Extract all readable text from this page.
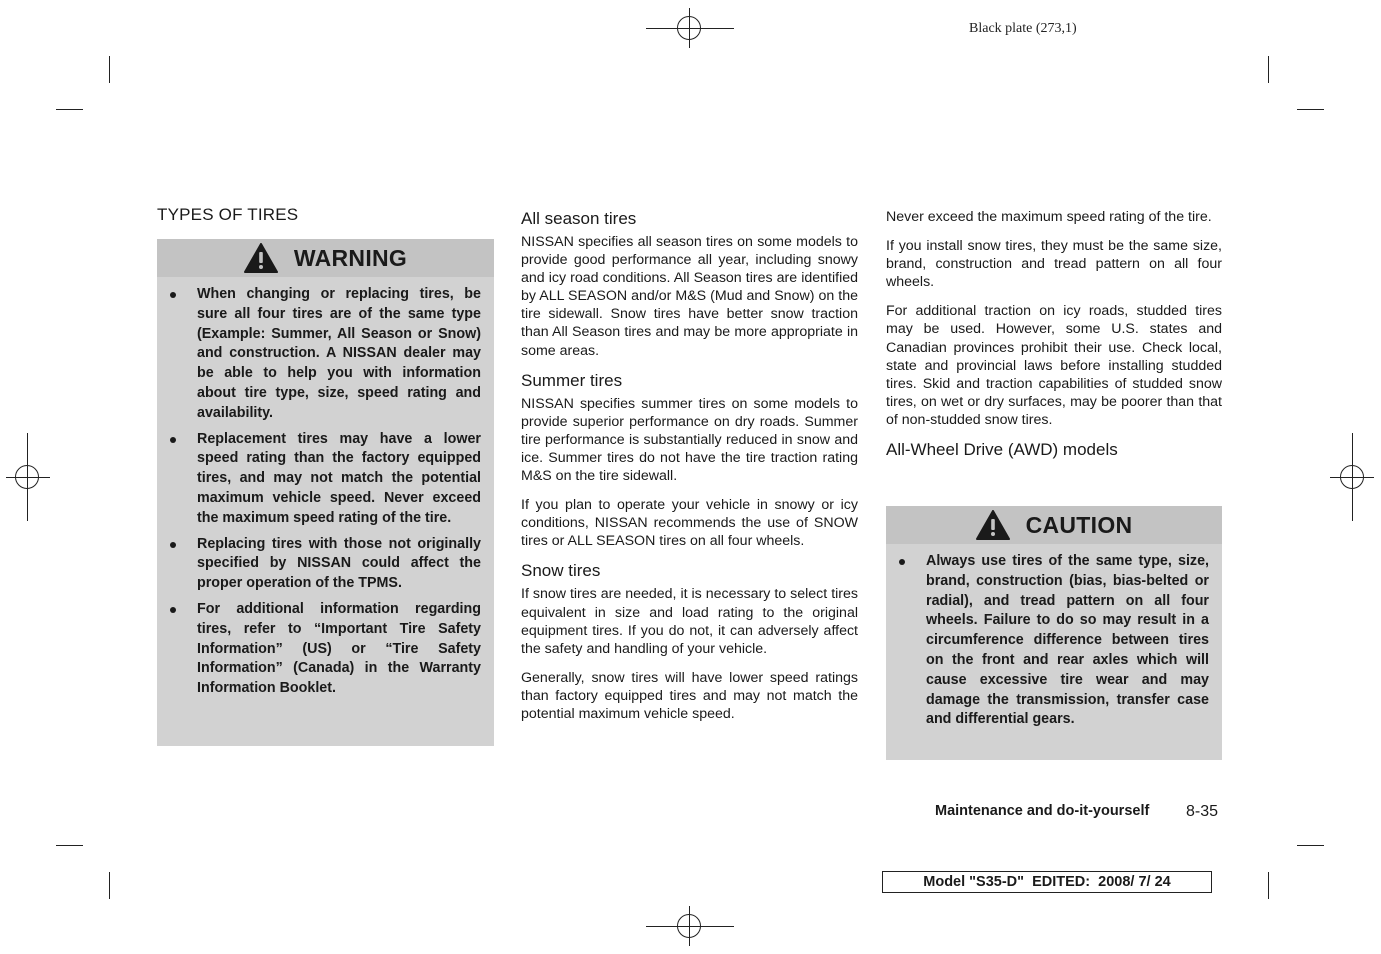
Black plate (273,1)
TYPES OF TIRES
WARNING
When changing or replacing tires, be sure all four tires are of the same type (Example: Summer, All Season or Snow) and construction. A NISSAN dealer may be able to help you with information about tire type, size, speed rating and availability.
Replacement tires may have a lower speed rating than the factory equipped tires, and may not match the potential maximum vehicle speed. Never exceed the maximum speed rating of the tire.
Replacing tires with those not originally specified by NISSAN could affect the proper operation of the TPMS.
For additional information regarding tires, refer to “Important Tire Safety Information” (US) or “Tire Safety Information” (Canada) in the Warranty Information Booklet.
All season tires

NISSAN specifies all season tires on some models to provide good performance all year, including snowy and icy road conditions. All Season tires are identified by ALL SEASON and/or M&S (Mud and Snow) on the tire sidewall. Snow tires have better snow traction than All Season tires and may be more appropriate in some areas.

Summer tires

NISSAN specifies summer tires on some models to provide superior performance on dry roads. Summer tire performance is substantially reduced in snow and ice. Summer tires do not have the tire traction rating M&S on the tire sidewall.

If you plan to operate your vehicle in snowy or icy conditions, NISSAN recommends the use of SNOW tires or ALL SEASON tires on all four wheels.

Snow tires

If snow tires are needed, it is necessary to select tires equivalent in size and load rating to the original equipment tires. If you do not, it can adversely affect the safety and handling of your vehicle.

Generally, snow tires will have lower speed ratings than factory equipped tires and may not match the potential maximum vehicle speed.

Never exceed the maximum speed rating of the tire.

If you install snow tires, they must be the same size, brand, construction and tread pattern on all four wheels.

For additional traction on icy roads, studded tires may be used. However, some U.S. states and Canadian provinces prohibit their use. Check local, state and provincial laws before installing studded tires. Skid and traction capabilities of studded snow tires, on wet or dry surfaces, may be poorer than that of non-studded snow tires.

All-Wheel Drive (AWD) models
CAUTION
Always use tires of the same type, size, brand, construction (bias, bias-belted or radial), and tread pattern on all four wheels. Failure to do so may result in a circumference difference between tires on the front and rear axles which will cause excessive tire wear and may damage the transmission, transfer case and differential gears.
Maintenance and do-it-yourself 8-35
Model "S35-D"  EDITED:  2008/ 7/ 24
